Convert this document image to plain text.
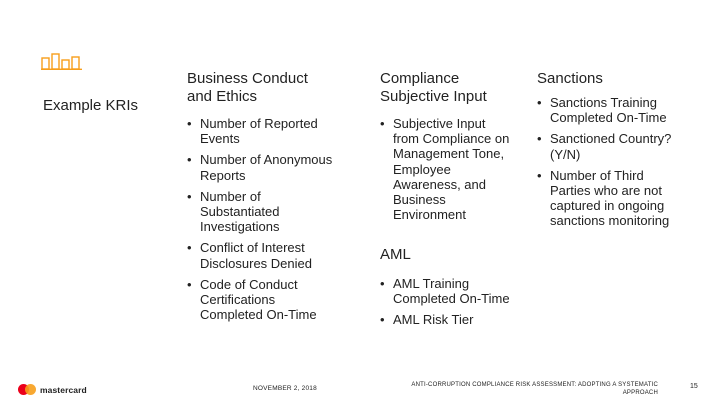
Example KRIs
Business Conduct and Ethics
• Number of Reported Events
• Number of Anonymous Reports
• Number of Substantiated Investigations
• Conflict of Interest Disclosures Denied
• Code of Conduct Certifications Completed On-Time
Compliance Subjective Input
• Subjective Input from Compliance on Management Tone, Employee Awareness, and Business Environment
AML
• AML Training Completed On-Time
• AML Risk Tier
Sanctions
• Sanctions Training Completed On-Time
• Sanctioned Country? (Y/N)
• Number of Third Parties who are not captured in ongoing sanctions monitoring
mastercard	NOVEMBER 2, 2018	ANTI-CORRUPTION COMPLIANCE RISK ASSESSMENT: ADOPTING A SYSTEMATIC APPROACH
15
